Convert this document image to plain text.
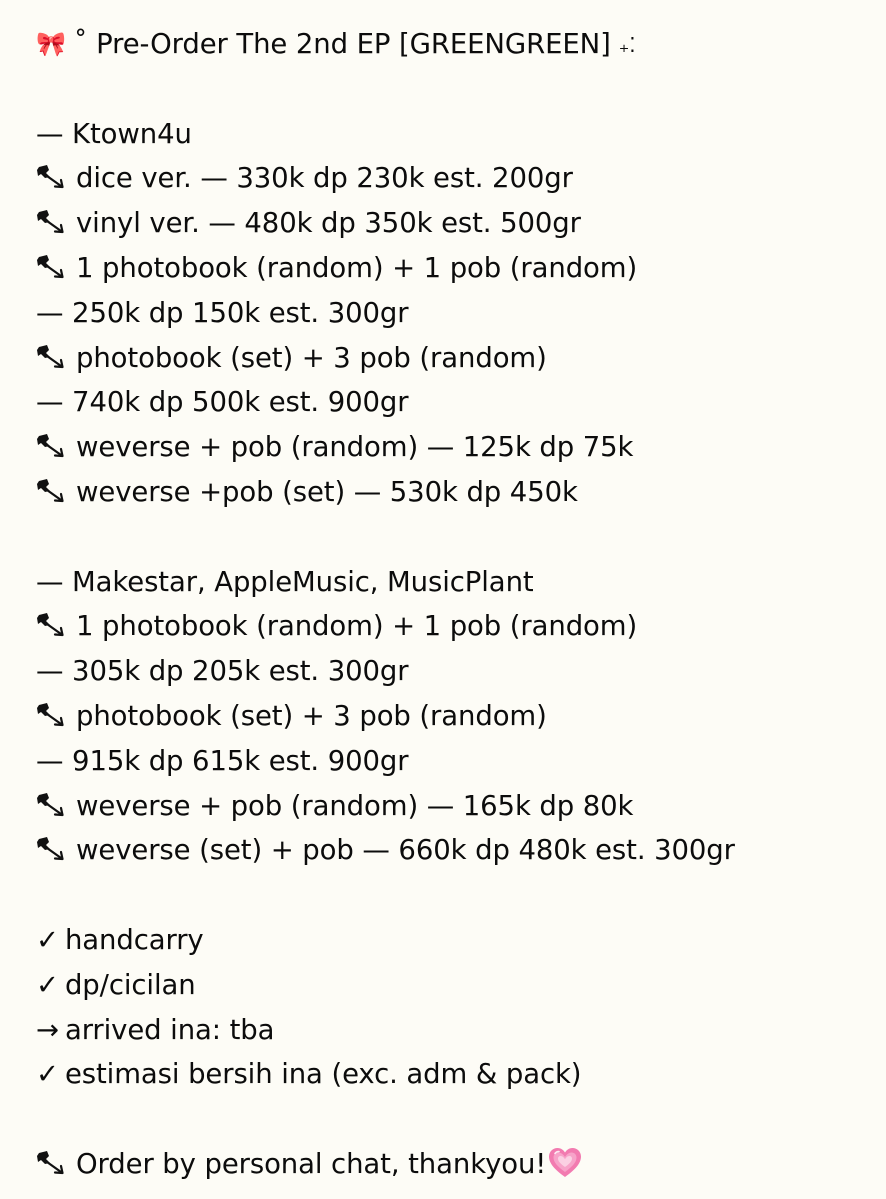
🎀 ˚ Pre-Order The 2nd EP [GREENGREEN] ₊⁚
— Ktown4u
dice ver. — 330k dp 230k est. 200gr
vinyl ver. — 480k dp 350k est. 500gr
1 photobook (random) + 1 pob (random)
— 250k dp 150k est. 300gr
photobook (set) + 3 pob (random)
— 740k dp 500k est. 900gr
weverse + pob (random) — 125k dp 75k
weverse +pob (set) — 530k dp 450k
— Makestar, AppleMusic, MusicPlant
1 photobook (random) + 1 pob (random)
— 305k dp 205k est. 300gr
photobook (set) + 3 pob (random)
— 915k dp 615k est. 900gr
weverse + pob (random) — 165k dp 80k
weverse (set) + pob — 660k dp 480k est. 300gr
✓ handcarry
✓ dp/cicilan
→ arrived ina: tba
✓ estimasi bersih ina (exc. adm & pack)
Order by personal chat, thankyou!
